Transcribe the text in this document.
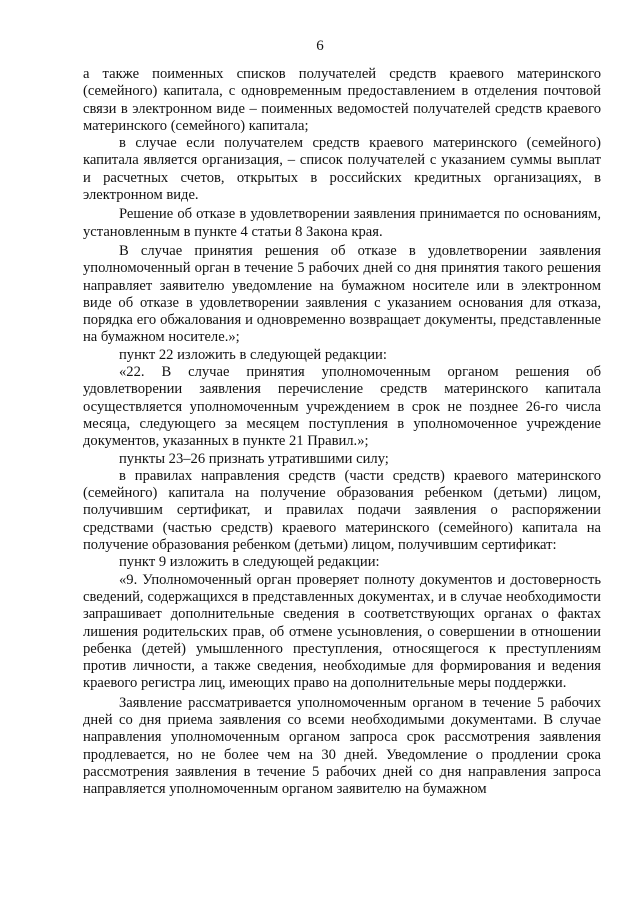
6

а также поименных списков получателей средств краевого материнского (семейного) капитала, с одновременным предоставлением в отделения почтовой связи в электронном виде – поименных ведомостей получателей средств краевого материнского (семейного) капитала;

в случае если получателем средств краевого материнского (семейного) капитала является организация, – список получателей с указанием суммы выплат и расчетных счетов, открытых в российских кредитных организациях, в электронном виде.

Решение об отказе в удовлетворении заявления принимается по основаниям, установленным в пункте 4 статьи 8 Закона края.

В случае принятия решения об отказе в удовлетворении заявления уполномоченный орган в течение 5 рабочих дней со дня принятия такого решения направляет заявителю уведомление на бумажном носителе или в электронном виде об отказе в удовлетворении заявления с указанием основания для отказа, порядка его обжалования и одновременно возвращает документы, представленные на бумажном носителе.»;

пункт 22 изложить в следующей редакции:

«22. В случае принятия уполномоченным органом решения об удовлетворении заявления перечисление средств материнского капитала осуществляется уполномоченным учреждением в срок не позднее 26-го числа месяца, следующего за месяцем поступления в уполномоченное учреждение документов, указанных в пункте 21 Правил.»;

пункты 23–26 признать утратившими силу;

в правилах направления средств (части средств) краевого материнского (семейного) капитала на получение образования ребенком (детьми) лицом, получившим сертификат, и правилах подачи заявления о распоряжении средствами (частью средств) краевого материнского (семейного) капитала на получение образования ребенком (детьми) лицом, получившим сертификат:

пункт 9 изложить в следующей редакции:

«9. Уполномоченный орган проверяет полноту документов и достоверность сведений, содержащихся в представленных документах, и в случае необходимости запрашивает дополнительные сведения в соответствующих органах о фактах лишения родительских прав, об отмене усыновления, о совершении в отношении ребенка (детей) умышленного преступления, относящегося к преступлениям против личности, а также сведения, необходимые для формирования и ведения краевого регистра лиц, имеющих право на дополнительные меры поддержки.

Заявление рассматривается уполномоченным органом в течение 5 рабочих дней со дня приема заявления со всеми необходимыми документами. В случае направления уполномоченным органом запроса срок рассмотрения заявления продлевается, но не более чем на 30 дней. Уведомление о продлении срока рассмотрения заявления в течение 5 рабочих дней со дня направления запроса направляется уполномоченным органом заявителю на бумажном
